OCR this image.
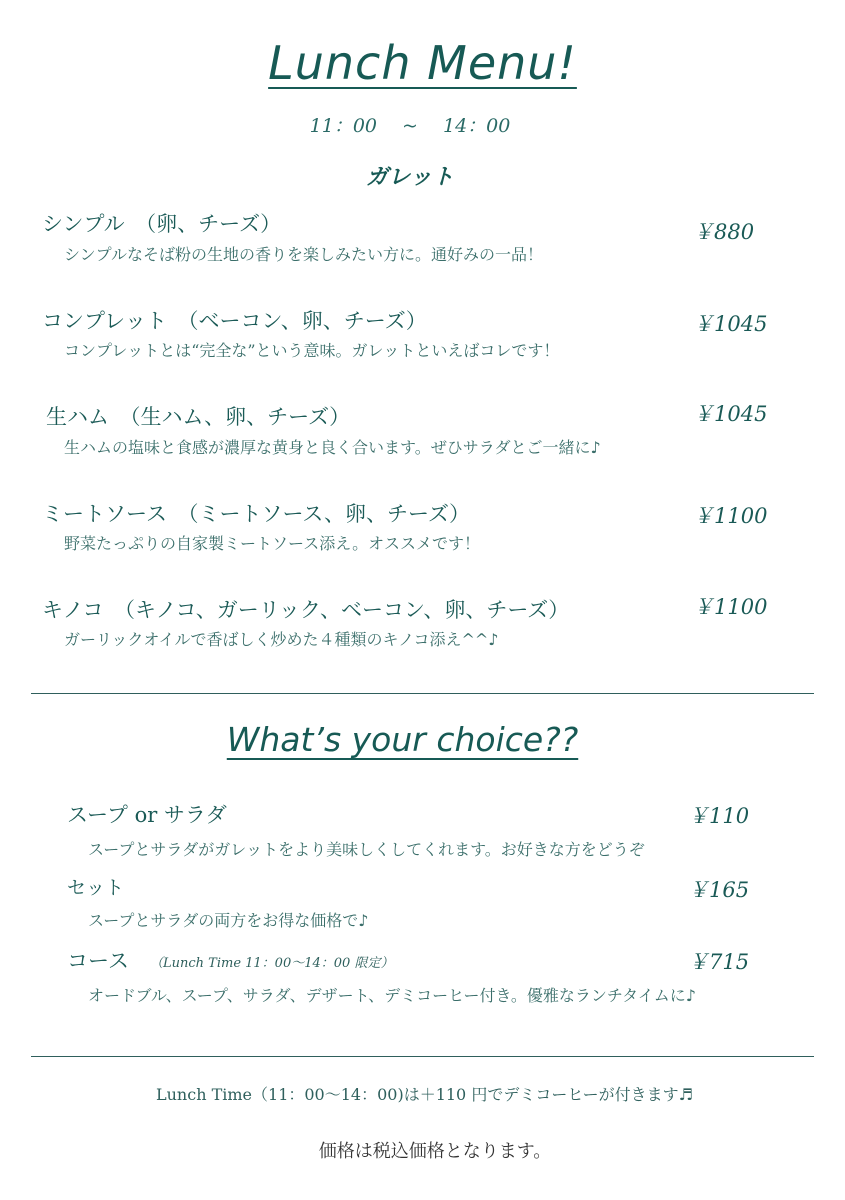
Lunch Menu!
11：00　 ~　 14：00
ガレット
シンプル　（卵、チーズ）	￥880
シンプルなそば粉の生地の香りを楽しみたい方に。通好みの一品！
コンプレット　（ベーコン、卵、チーズ）	￥1045
コンプレットとは“完全な”という意味。ガレットといえばコレです！
生ハム　（生ハム、卵、チーズ）	￥1045
生ハムの塩味と食感が濃厚な黄身と良く合います。ぜひサラダとご一緒に♪
ミートソース　（ミートソース、卵、チーズ）	￥1100
野菜たっぷりの自家製ミートソース添え。オススメです！
キノコ　（キノコ、ガーリック、ベーコン、卵、チーズ）	￥1100
ガーリックオイルで香ばしく炒めた４種類のキノコ添え^^♪
What’s your choice??
スープ or サラダ	￥110
スープとサラダがガレットをより美味しくしてくれます。お好きな方をどうぞ
セット	￥165
スープとサラダの両方をお得な価格で♪
コース （Lunch Time 11：00～14：00 限定）	￥715
オードブル、スープ、サラダ、デザート、デミコーヒー付き。優雅なランチタイムに♪
Lunch Time（11：00～14：00)は＋110 円でデミコーヒーが付きます♬
価格は税込価格となります。
